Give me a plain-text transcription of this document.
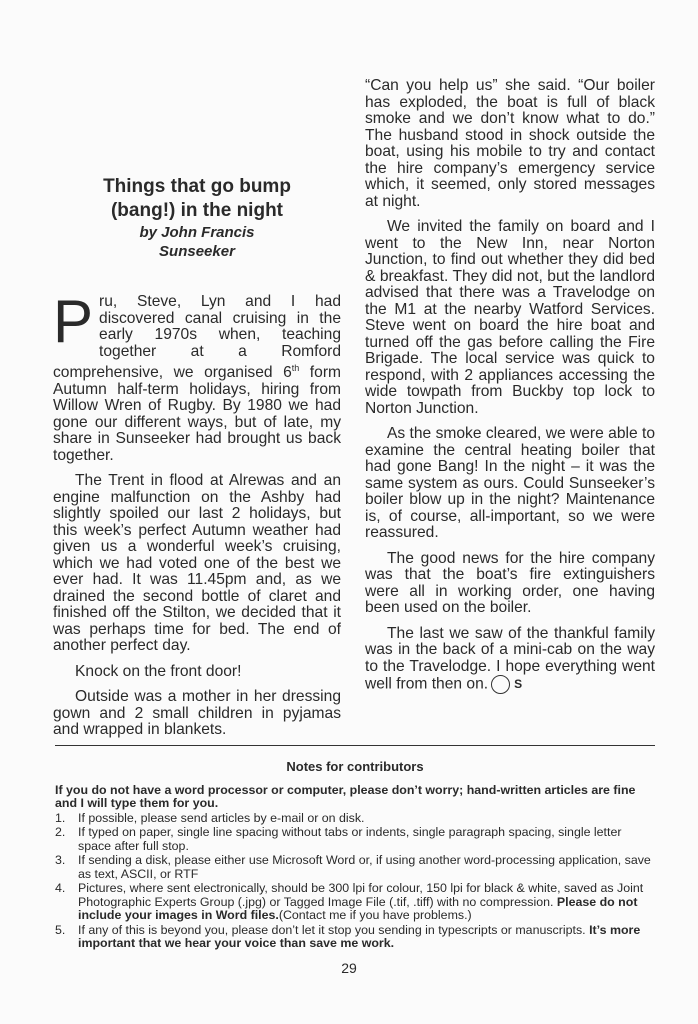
Things that go bump
(bang!) in the night

by John Francis

Sunseeker

Pru, Steve, Lyn and I had discovered canal cruising in the early 1970s when, teaching together at a Romford comprehensive, we organised 6th form Autumn half-term holidays, hiring from Willow Wren of Rugby. By 1980 we had gone our different ways, but of late, my share in Sunseeker had brought us back together.

The Trent in flood at Alrewas and an engine malfunction on the Ashby had slightly spoiled our last 2 holidays, but this week’s perfect Autumn weather had given us a wonderful week’s cruising, which we had voted one of the best we ever had. It was 11.45pm and, as we drained the second bottle of claret and finished off the Stilton, we decided that it was perhaps time for bed. The end of another perfect day.

Knock on the front door!

Outside was a mother in her dressing gown and 2 small children in pyjamas and wrapped in blankets.

“Can you help us” she said. “Our boiler has exploded, the boat is full of black smoke and we don’t know what to do.” The husband stood in shock outside the boat, using his mobile to try and contact the hire company’s emergency service which, it seemed, only stored messages at night.

We invited the family on board and I went to the New Inn, near Norton Junction, to find out whether they did bed & breakfast. They did not, but the landlord advised that there was a Travelodge on the M1 at the nearby Watford Services. Steve went on board the hire boat and turned off the gas before calling the Fire Brigade. The local service was quick to respond, with 2 appliances accessing the wide towpath from Buckby top lock to Norton Junction.

As the smoke cleared, we were able to examine the central heating boiler that had gone Bang! In the night – it was the same system as ours. Could Sunseeker’s boiler blow up in the night? Maintenance is, of course, all-important, so we were reassured.

The good news for the hire company was that the boat’s fire extinguishers were all in working order, one having been used on the boiler.

The last we saw of the thankful family was in the back of a mini-cab on the way to the Travelodge. I hope everything went well from then on. S

Notes for contributors

If you do not have a word processor or computer, please don’t worry; hand-written articles are fine and I will type them for you.

1. If possible, please send articles by e-mail or on disk.
2. If typed on paper, single line spacing without tabs or indents, single paragraph spacing, single letter space after full stop.
3. If sending a disk, please either use Microsoft Word or, if using another word-processing application, save as text, ASCII, or RTF
4. Pictures, where sent electronically, should be 300 lpi for colour, 150 lpi for black & white, saved as Joint Photographic Experts Group (.jpg) or Tagged Image File (.tif, .tiff) with no compression. Please do not include your images in Word files.(Contact me if you have problems.)
5. If any of this is beyond you, please don’t let it stop you sending in typescripts or manuscripts. It’s more important that we hear your voice than save me work.
29
